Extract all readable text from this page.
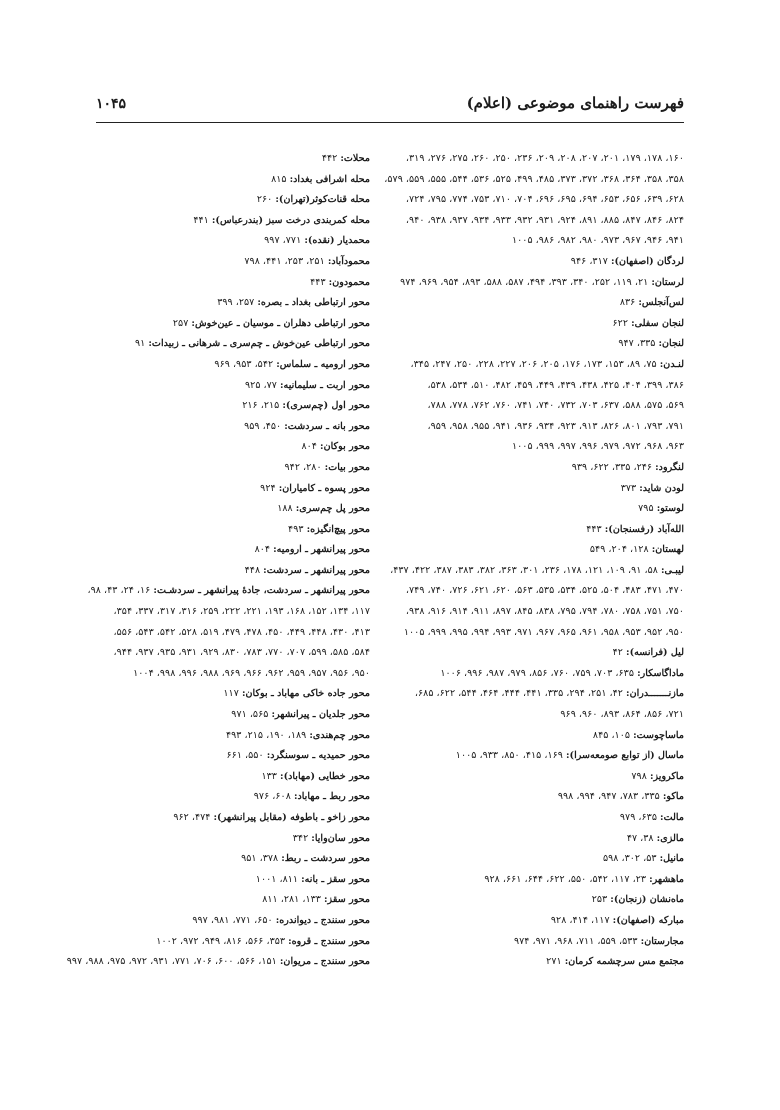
فهرست راهنمای موضوعی (اعلام)
۱۰۴۵
۱۶۰، ۱۷۸، ۱۷۹، ۲۰۱، ۲۰۷، ۲۰۸، ۲۰۹، ۲۳۶، ۲۵۰، ۲۶۰، ۲۷۵، ۲۷۶، ۳۱۹،
۳۵۸، ۳۵۸، ۳۶۴، ۳۶۸، ۳۷۲، ۳۷۳، ۴۸۵، ۴۹۹، ۵۲۵، ۵۳۶، ۵۴۴، ۵۵۵، ۵۵۹، ۵۷۹،
۶۲۸، ۶۳۹، ۶۵۶، ۶۵۳، ۶۹۴، ۶۹۵، ۶۹۶، ۷۰۴، ۷۱۰، ۷۵۳، ۷۷۴، ۷۹۵، ۷۲۴،
۸۲۴، ۸۴۶، ۸۴۷، ۸۸۵، ۸۹۱، ۹۲۴، ۹۳۱، ۹۳۲، ۹۳۳، ۹۳۴، ۹۳۷، ۹۳۸، ۹۴۰،
۹۴۱، ۹۴۶، ۹۶۷، ۹۷۳، ۹۸۰، ۹۸۲، ۹۸۶، ۱۰۰۵
لردگان (اصفهان): ۳۱۷، ۹۴۶
لرستان: ۲۱، ۱۱۹، ۲۵۲، ۳۴۰، ۳۹۳، ۴۹۴، ۵۸۷، ۵۸۸، ۸۹۳، ۹۵۴، ۹۶۹، ۹۷۴
لس‌آنجلس: ۸۳۶
لنجان سفلی: ۶۲۲
لنجان: ۳۳۵، ۹۴۷
لنـدن: ۷۵، ۸۹، ۱۵۳، ۱۷۳، ۱۷۶، ۲۰۵، ۲۰۶، ۲۲۷، ۲۲۸، ۲۵۰، ۲۴۷، ۳۴۵،
۳۸۶، ۳۹۹، ۴۰۴، ۴۲۵، ۴۳۸، ۴۳۹، ۴۴۹، ۴۵۹، ۴۸۲، ۵۱۰، ۵۳۴، ۵۳۸،
۵۶۹، ۵۷۵، ۵۸۸، ۶۳۷، ۷۰۳، ۷۳۲، ۷۴۰، ۷۴۱، ۷۶۰، ۷۶۲، ۷۷۸، ۷۸۸،
۷۹۱، ۷۹۳، ۸۰۱، ۸۲۶، ۹۱۳، ۹۲۳، ۹۳۴، ۹۳۶، ۹۴۱، ۹۵۵، ۹۵۸، ۹۵۹،
۹۶۳، ۹۶۸، ۹۷۲، ۹۷۹، ۹۹۶، ۹۹۷، ۹۹۹، ۱۰۰۵
لنگرود: ۲۴۶، ۳۳۵، ۶۲۲، ۹۳۹
لودن شاید: ۳۷۳
لوستو: ۷۹۵
الله‌آباد (رفسنجان): ۴۴۳
لهستان: ۱۲۸، ۲۰۴، ۵۴۹
لیبـی: ۵۸، ۹۱، ۱۰۹، ۱۲۱، ۱۷۸، ۲۳۶، ۳۰۱، ۳۶۳، ۳۸۲، ۳۸۳، ۳۸۷، ۴۲۲، ۴۳۷،
۴۷۰، ۴۷۱، ۴۸۳، ۵۰۴، ۵۲۵، ۵۳۴، ۵۳۵، ۵۶۳، ۶۲۰، ۶۲۱، ۷۲۶، ۷۴۰، ۷۴۹،
۷۵۰، ۷۵۱، ۷۵۸، ۷۸۰، ۷۹۴، ۷۹۵، ۸۳۸، ۸۴۵، ۸۹۷، ۹۱۱، ۹۱۴، ۹۱۶، ۹۳۸،
۹۵۰، ۹۵۲، ۹۵۳، ۹۵۸، ۹۶۱، ۹۶۵، ۹۶۷، ۹۷۱، ۹۹۳، ۹۹۴، ۹۹۵، ۹۹۹، ۱۰۰۵
لیل (فرانسه): ۴۲
ماداگاسکار: ۶۳۵، ۷۰۳، ۷۵۹، ۷۶۰، ۸۵۶، ۹۷۹، ۹۸۷، ۹۹۶، ۱۰۰۶
مازنـــــــدران: ۴۲، ۲۵۱، ۲۹۴، ۳۳۵، ۴۴۱، ۴۴۴، ۴۶۴، ۵۴۴، ۶۲۲، ۶۸۵،
۷۲۱، ۸۵۶، ۸۶۴، ۸۹۳، ۹۶۰، ۹۶۹
ماساچوست: ۱۰۵، ۸۴۵
ماسال (از توابع صومعه‌سرا): ۱۶۹، ۴۱۵، ۸۵۰، ۹۳۳، ۱۰۰۵
ماکرویز: ۷۹۸
ماکو: ۳۳۵، ۷۸۳، ۹۴۷، ۹۹۴، ۹۹۸
مالت: ۶۳۵، ۹۷۹
مالزی: ۳۸، ۴۷
مانیل: ۵۳، ۳۰۲، ۵۹۸
ماهشهر: ۲۳، ۱۱۷، ۵۴۲، ۵۵۰، ۶۲۲، ۶۴۴، ۶۶۱، ۹۲۸
ماه‌نشان (زنجان): ۲۵۳
مبارکه (اصفهان): ۱۱۷، ۴۱۴، ۹۲۸
مجارستان: ۵۳۳، ۵۵۹، ۷۱۱، ۹۶۸، ۹۷۱، ۹۷۴
مجتمع مس سرچشمه کرمان: ۲۷۱
محلات: ۴۴۲
محله اشرافی بغداد: ۸۱۵
محله قنات‌کوثر(تهران): ۲۶۰
محله کمربندی درخت سبز (بندرعباس): ۴۴۱
محمدیار (نقده): ۷۷۱، ۹۹۷
محمودآباد: ۲۵۱، ۲۵۳، ۴۴۱، ۷۹۸
محمودون: ۴۴۳
محور ارتباطی بغداد ـ بصره: ۲۵۷، ۳۹۹
محور ارتباطی دهلران ـ موسیان ـ عین‌خوش: ۲۵۷
محور ارتباطی عین‌خوش ـ چم‌سری ـ شرهانی ـ زبیدات: ۹۱
محور ارومیه ـ سلماس: ۵۴۲، ۹۵۳، ۹۶۹
محور اربت ـ سلیمانیه: ۷۷، ۹۲۵
محور اول (چم‌سری): ۲۱۵، ۲۱۶
محور بانه ـ سردشت: ۴۵۰، ۹۵۹
محور بوکان: ۸۰۴
محور بیات: ۲۸۰، ۹۴۲
محور پسوه ـ کامیاران: ۹۲۴
محور پل چم‌سری: ۱۸۸
محور پیچ‌انگیزه: ۴۹۳
محور پیرانشهر ـ ارومیه: ۸۰۴
محور پیرانشهر ـ سردشت: ۴۴۸
محور پیرانشهر ـ سردشت، جادهٔ پیرانشهر ـ سردشـت: ۱۶، ۲۴، ۴۳، ۹۸،
۱۱۷، ۱۳۴، ۱۵۲، ۱۶۸، ۱۹۳، ۲۲۱، ۲۲۲، ۲۵۹، ۳۱۶، ۳۱۷، ۳۳۷، ۳۵۴،
۴۱۳، ۴۳۰، ۴۴۸، ۴۴۹، ۴۵۰، ۴۷۸، ۴۷۹، ۵۱۹، ۵۲۸، ۵۴۲، ۵۴۳، ۵۵۶،
۵۸۴، ۵۸۵، ۵۹۹، ۷۰۷، ۷۷۰، ۷۸۳، ۸۳۰، ۹۲۹، ۹۳۱، ۹۳۵، ۹۳۷، ۹۴۴،
۹۵۰، ۹۵۶، ۹۵۷، ۹۵۹، ۹۶۲، ۹۶۶، ۹۶۹، ۹۸۸، ۹۹۶، ۹۹۸، ۱۰۰۴
محور جاده خاکی مهاباد ـ بوکان: ۱۱۷
محور جلدیان ـ پیرانشهر: ۵۶۵، ۹۷۱
محور چم‌هندی: ۱۸۹، ۱۹۰، ۲۱۵، ۴۹۳
محور حمیدیه ـ سوسنگرد: ۵۵۰، ۶۶۱
محور خطایی (مهاباد): ۱۳۳
محور ربط ـ مهاباد: ۶۰۸، ۹۷۶
محور زاخو ـ باطوفه (مقابل پیرانشهر): ۴۷۴، ۹۶۲
محور سان‌وایا: ۳۴۲
محور سردشت ـ ربط: ۳۷۸، ۹۵۱
محور سقز ـ بانه: ۸۱۱، ۱۰۰۱
محور سقز: ۱۳۳، ۲۸۱، ۸۱۱
محور سنندج ـ دیواندره: ۶۵۰، ۷۷۱، ۹۸۱، ۹۹۷
محور سنندج ـ قروه: ۳۵۳، ۵۶۶، ۸۱۶، ۹۴۹، ۹۷۲، ۱۰۰۲
محور سنندج ـ مریوان: ۱۵۱، ۵۶۶، ۶۰۰، ۷۰۶، ۷۷۱، ۹۳۱، ۹۷۲، ۹۷۵، ۹۸۸، ۹۹۷
